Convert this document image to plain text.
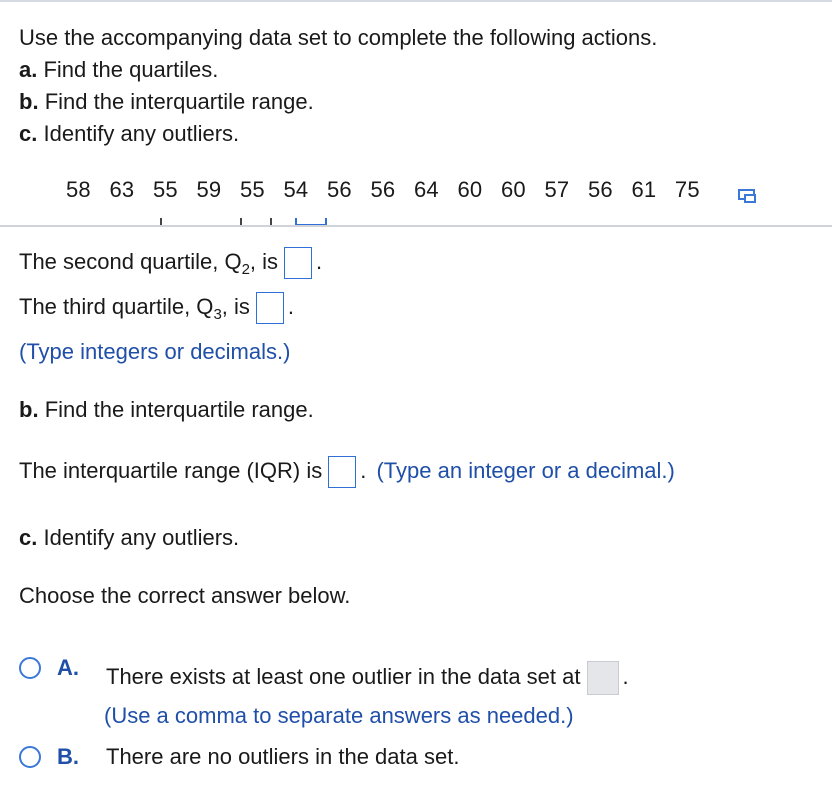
Use the accompanying data set to complete the following actions.
a. Find the quartiles.
b. Find the interquartile range.
c. Identify any outliers.
58  63  55  59  55  54  56  56  64  60  60  57  56  61  75
The second quartile, $Q_2$, is .
The third quartile, $Q_3$, is .
(Type integers or decimals.)
b. Find the interquartile range.
The interquartile range (IQR) is . (Type an integer or a decimal.)
c. Identify any outliers.
Choose the correct answer below.
A. There exists at least one outlier in the data set at .
(Use a comma to separate answers as needed.)
B. There are no outliers in the data set.
